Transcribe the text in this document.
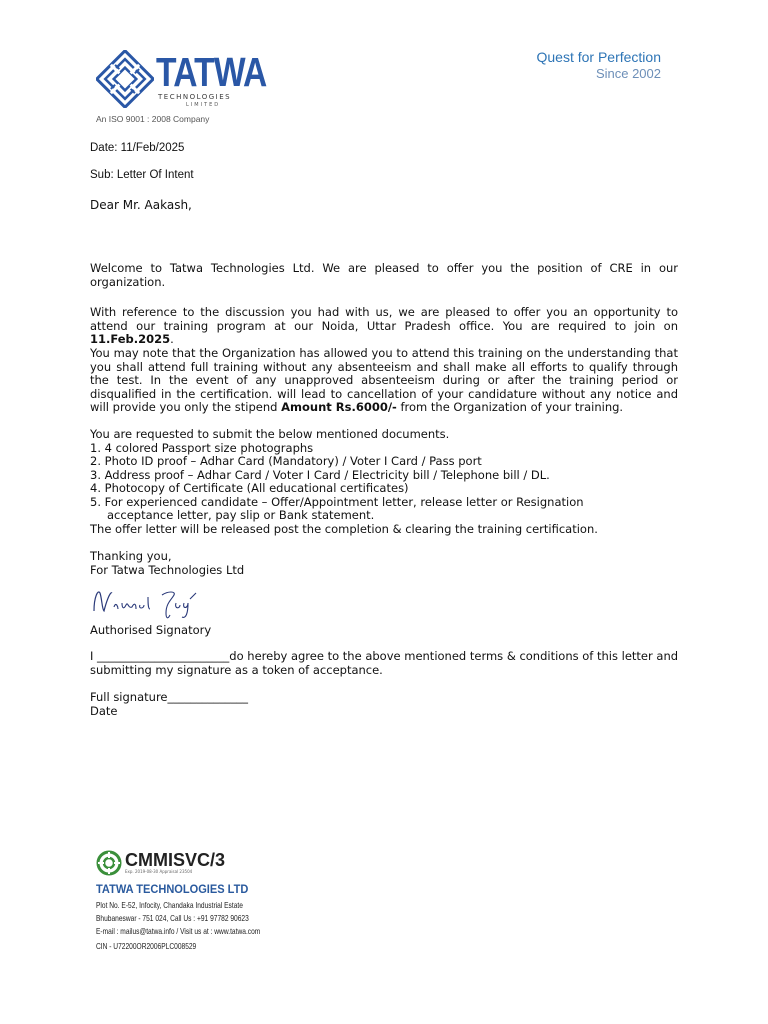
TATWA
TECHNOLOGIES
LIMITED
An ISO 9001 : 2008 Company
Quest for Perfection
Since 2002
Date: 11/Feb/2025
Sub: Letter Of Intent
Dear Mr. Aakash,
Welcome to Tatwa Technologies Ltd. We are pleased to offer you the position of CRE in our organization.
With reference to the discussion you had with us, we are pleased to offer you an opportunity to attend our training program at our Noida, Uttar Pradesh office. You are required to join on 11.Feb.2025.
You may note that the Organization has allowed you to attend this training on the understanding that you shall attend full training without any absenteeism and shall make all efforts to qualify through the test. In the event of any unapproved absenteeism during or after the training period or disqualified in the certification. will lead to cancellation of your candidature without any notice and will provide you only the stipend Amount Rs.6000/- from the Organization of your training.
You are requested to submit the below mentioned documents.
1. 4 colored Passport size photographs
2. Photo ID proof – Adhar Card (Mandatory) / Voter I Card / Pass port
3. Address proof – Adhar Card / Voter I Card / Electricity bill / Telephone bill / DL.
4. Photocopy of Certificate (All educational certificates)
5. For experienced candidate – Offer/Appointment letter, release letter or Resignation
acceptance letter, pay slip or Bank statement.
The offer letter will be released post the completion & clearing the training certification.
Thanking you,
For Tatwa Technologies Ltd
Authorised Signatory
I _______________________do hereby agree to the above mentioned terms & conditions of this letter and submitting my signature as a token of acceptance.
Full signature______________
Date
CMMISVC/3
Exp. 2019-08-30 Appraisal 23504
TATWA TECHNOLOGIES LTD
Plot No. E-52, Infocity, Chandaka Industrial Estate
Bhubaneswar - 751 024, Call Us : +91 97782 90623
E-mail : mailus@tatwa.info / Visit us at : www.tatwa.com
CIN - U72200OR2006PLC008529
